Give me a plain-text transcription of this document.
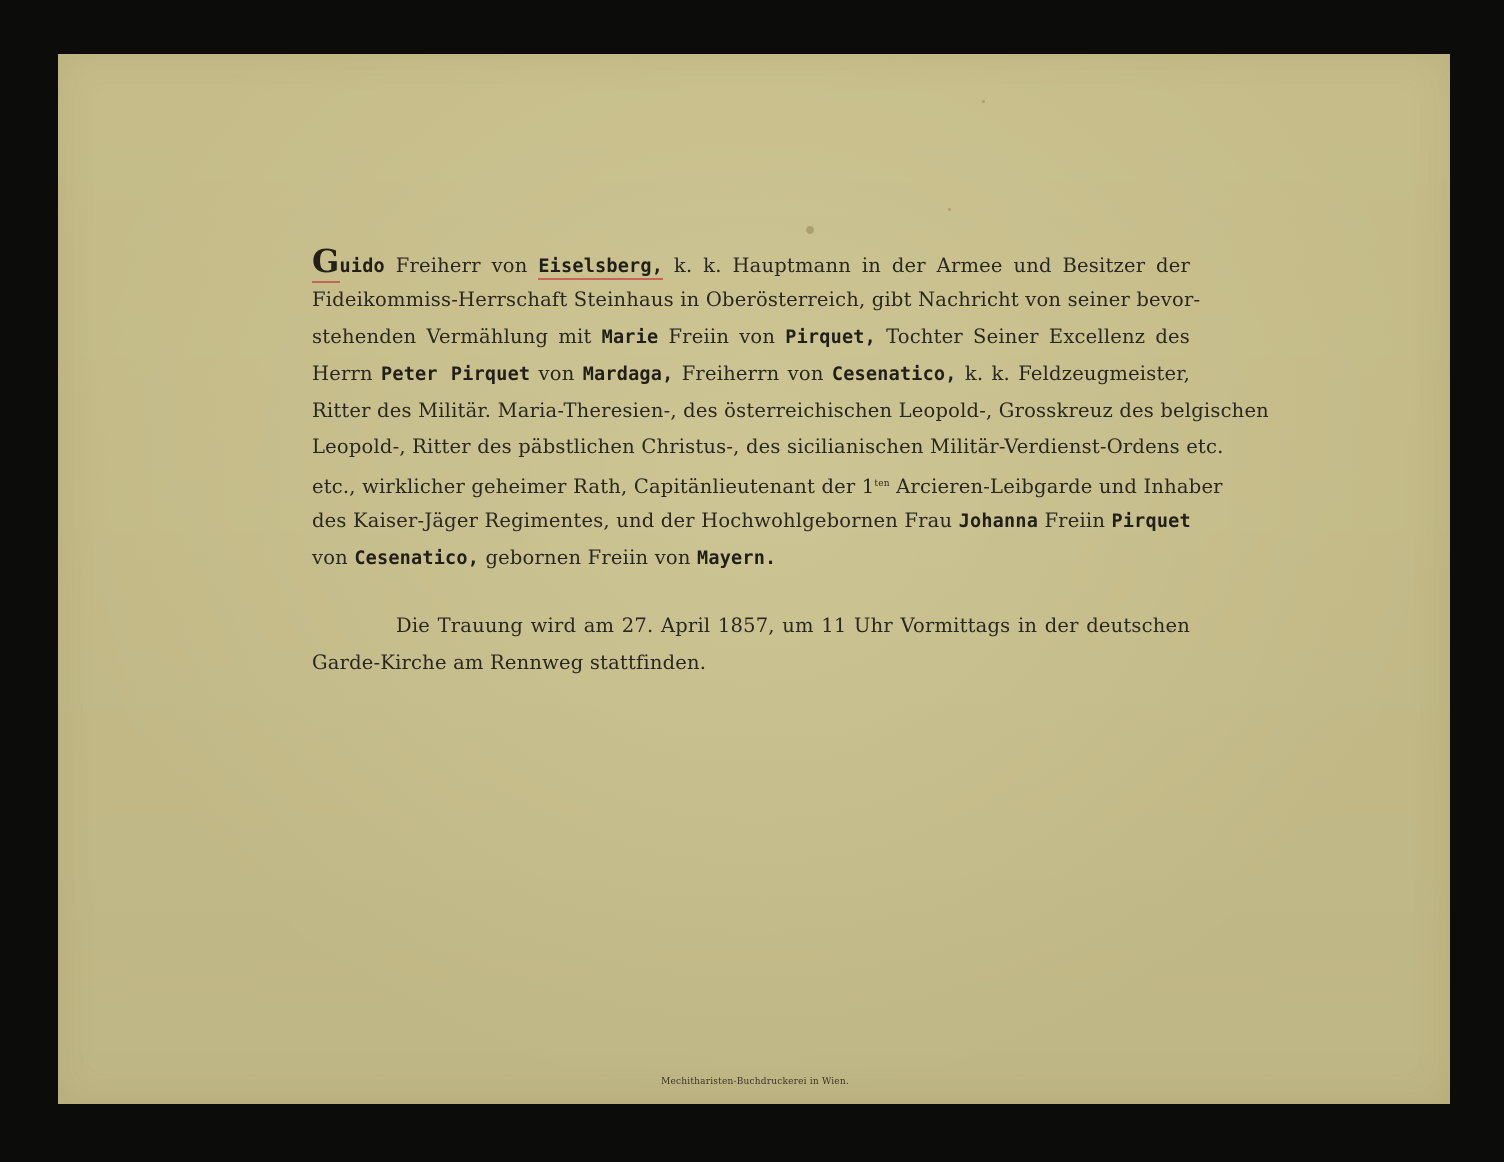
Guido Freiherr von Eiselsberg, k. k. Hauptmann in der Armee und Besitzer der
Fideikommiss-Herrschaft Steinhaus in Oberösterreich, gibt Nachricht von seiner bevor-
stehenden Vermählung mit Marie Freiin von Pirquet, Tochter Seiner Excellenz des
Herrn Peter Pirquet von Mardaga, Freiherrn von Cesenatico, k. k. Feldzeugmeister,
Ritter des Militär. Maria-Theresien-, des österreichischen Leopold-, Grosskreuz des belgischen
Leopold-, Ritter des päbstlichen Christus-, des sicilianischen Militär-Verdienst-Ordens etc.
etc., wirklicher geheimer Rath, Capitänlieutenant der $1^{ten}$ Arcieren-Leibgarde und Inhaber
des Kaiser-Jäger Regimentes, und der Hochwohlgebornen Frau Johanna Freiin Pirquet
von Cesenatico, gebornen Freiin von Mayern.
Die Trauung wird am 27. April 1857, um 11 Uhr Vormittags in der deutschen
Garde-Kirche am Rennweg stattfinden.
Mechitharisten-Buchdruckerei in Wien.
